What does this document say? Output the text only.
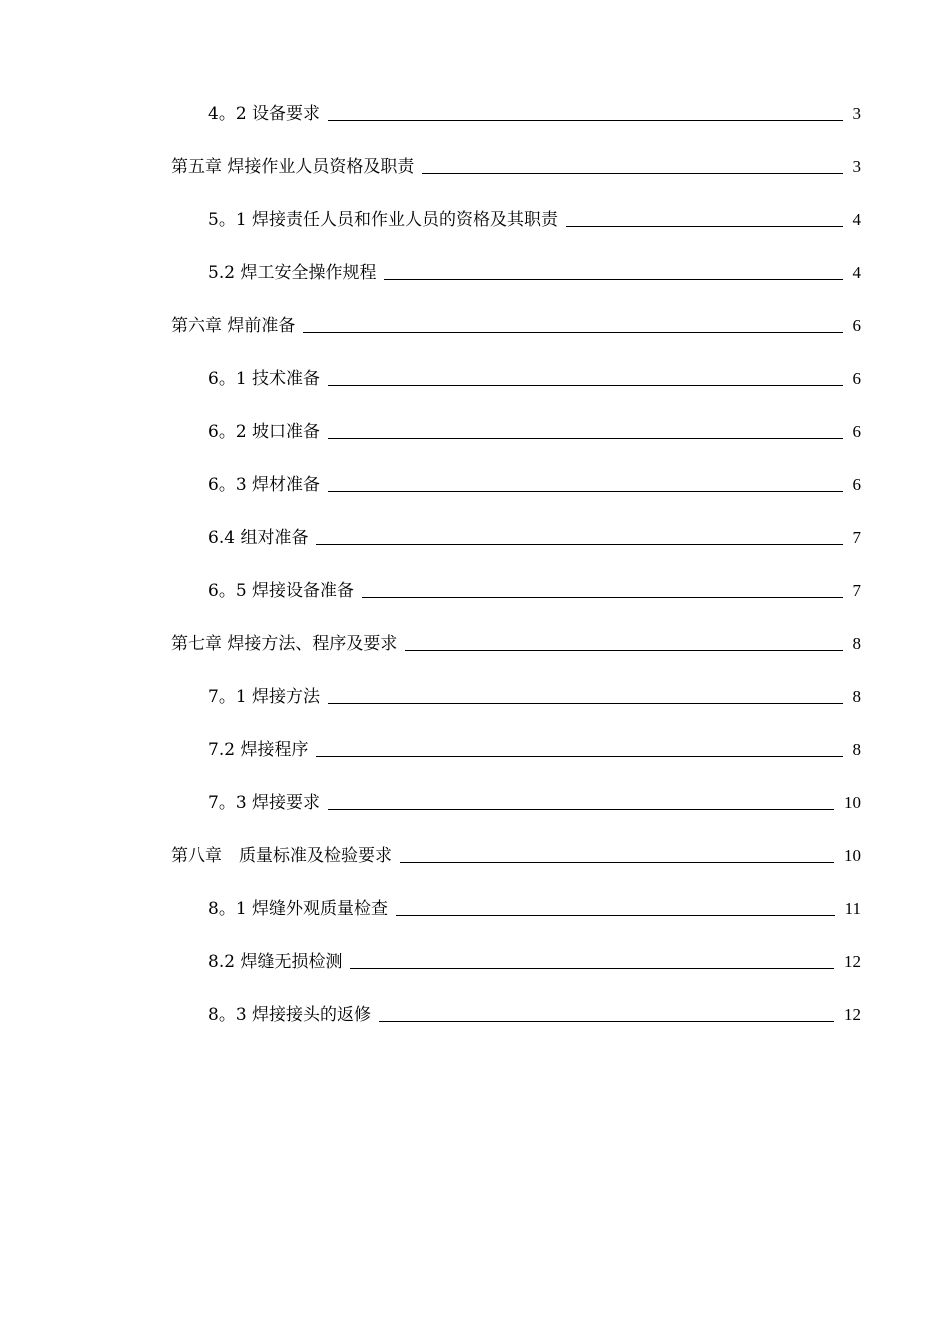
4。2 设备要求	3
第五章 焊接作业人员资格及职责	3
5。1 焊接责任人员和作业人员的资格及其职责	4
5.2 焊工安全操作规程	4
第六章 焊前准备	6
6。1 技术准备	6
6。2 坡口准备	6
6。3 焊材准备	6
6.4 组对准备	7
6。5 焊接设备准备	7
第七章 焊接方法、程序及要求	8
7。1 焊接方法	8
7.2 焊接程序	8
7。3 焊接要求	10
第八章　质量标准及检验要求	10
8。1 焊缝外观质量检查	11
8.2 焊缝无损检测	12
8。3 焊接接头的返修	12
